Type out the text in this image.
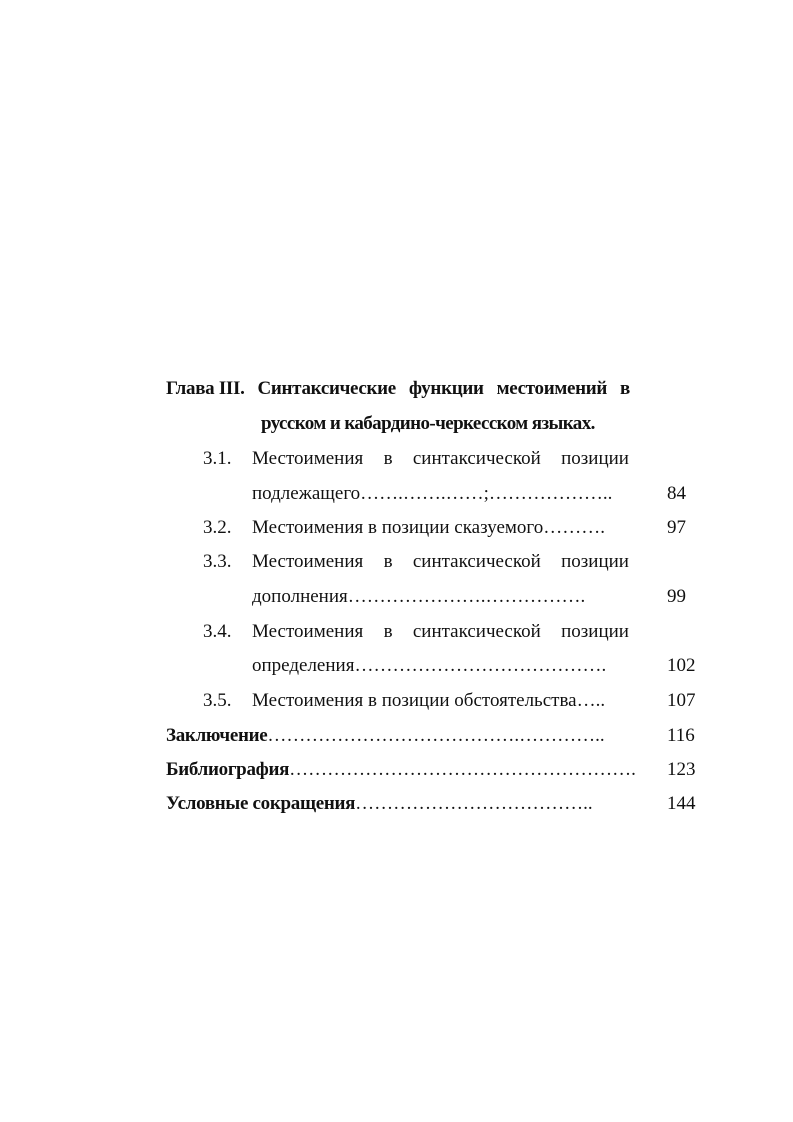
Глава III. Синтаксические функции местоимений в
русском и кабардино-черкесском языках.
3.1. Местоимения в синтаксической позиции
подлежащего…….…….……;………………..	84
3.2. Местоимения в позиции сказуемого……….	97
3.3. Местоимения в синтаксической позиции
дополнения………………….…………….	99
3.4. Местоимения в синтаксической позиции
определения………………………………….	102
3.5. Местоимения в позиции обстоятельства…..	107
Заключение………………………………….…………..	116
Библиография………………………………………………. 123
Условные сокращения………………………………..	144
